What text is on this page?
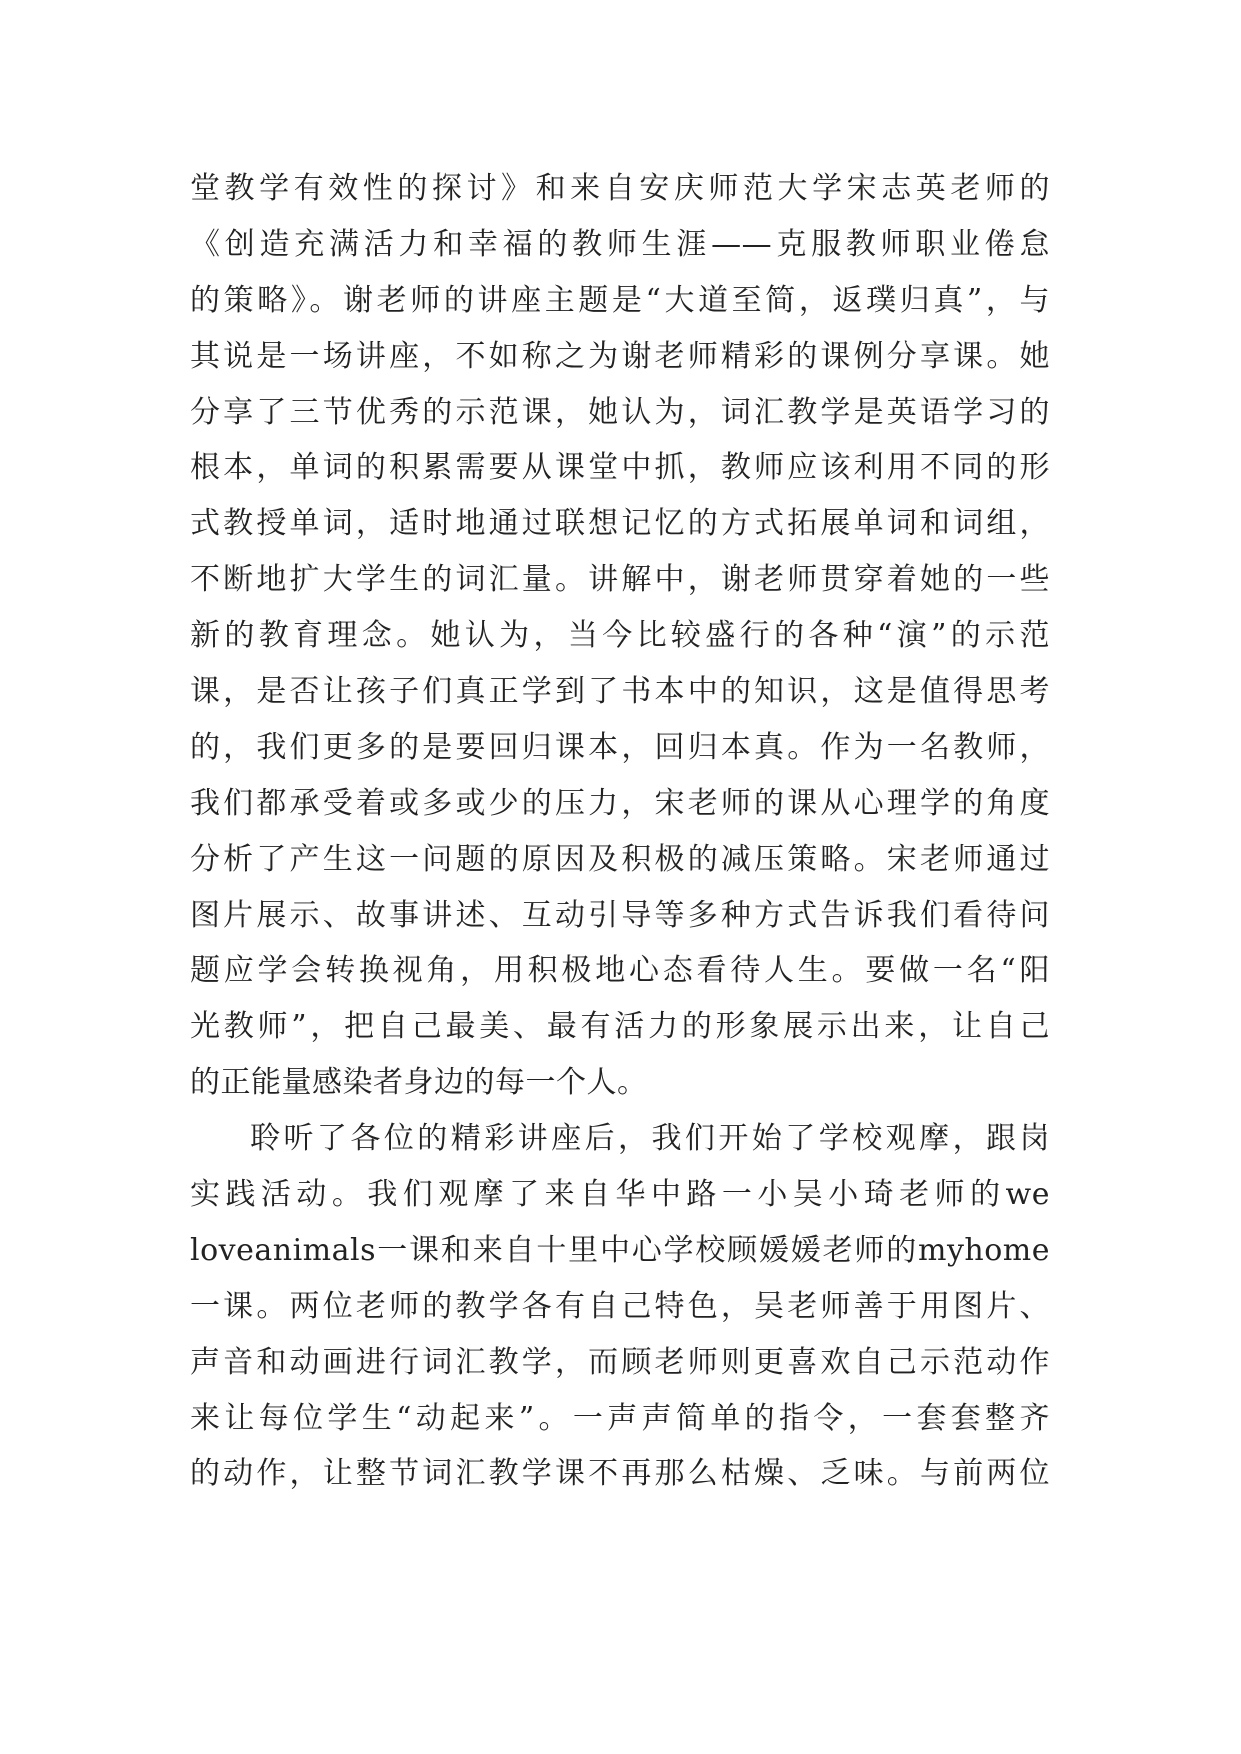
堂教学有效性的探讨》和来自安庆师范大学宋志英老师的
《创造充满活力和幸福的教师生涯——克服教师职业倦怠
的策略》。谢老师的讲座主题是“大道至简，返璞归真”，与
其说是一场讲座，不如称之为谢老师精彩的课例分享课。她
分享了三节优秀的示范课，她认为，词汇教学是英语学习的
根本，单词的积累需要从课堂中抓，教师应该利用不同的形
式教授单词，适时地通过联想记忆的方式拓展单词和词组，
不断地扩大学生的词汇量。讲解中，谢老师贯穿着她的一些
新的教育理念。她认为，当今比较盛行的各种“演”的示范
课，是否让孩子们真正学到了书本中的知识，这是值得思考
的，我们更多的是要回归课本，回归本真。作为一名教师，
我们都承受着或多或少的压力，宋老师的课从心理学的角度
分析了产生这一问题的原因及积极的减压策略。宋老师通过
图片展示、故事讲述、互动引导等多种方式告诉我们看待问
题应学会转换视角，用积极地心态看待人生。要做一名“阳
光教师”，把自己最美、最有活力的形象展示出来，让自己
的正能量感染者身边的每一个人。
聆听了各位的精彩讲座后，我们开始了学校观摩，跟岗
实践活动。我们观摩了来自华中路一小吴小琦老师的we
loveanimals一课和来自十里中心学校顾媛媛老师的myhome
一课。两位老师的教学各有自己特色，吴老师善于用图片、
声音和动画进行词汇教学，而顾老师则更喜欢自己示范动作
来让每位学生“动起来”。一声声简单的指令，一套套整齐
的动作，让整节词汇教学课不再那么枯燥、乏味。与前两位
